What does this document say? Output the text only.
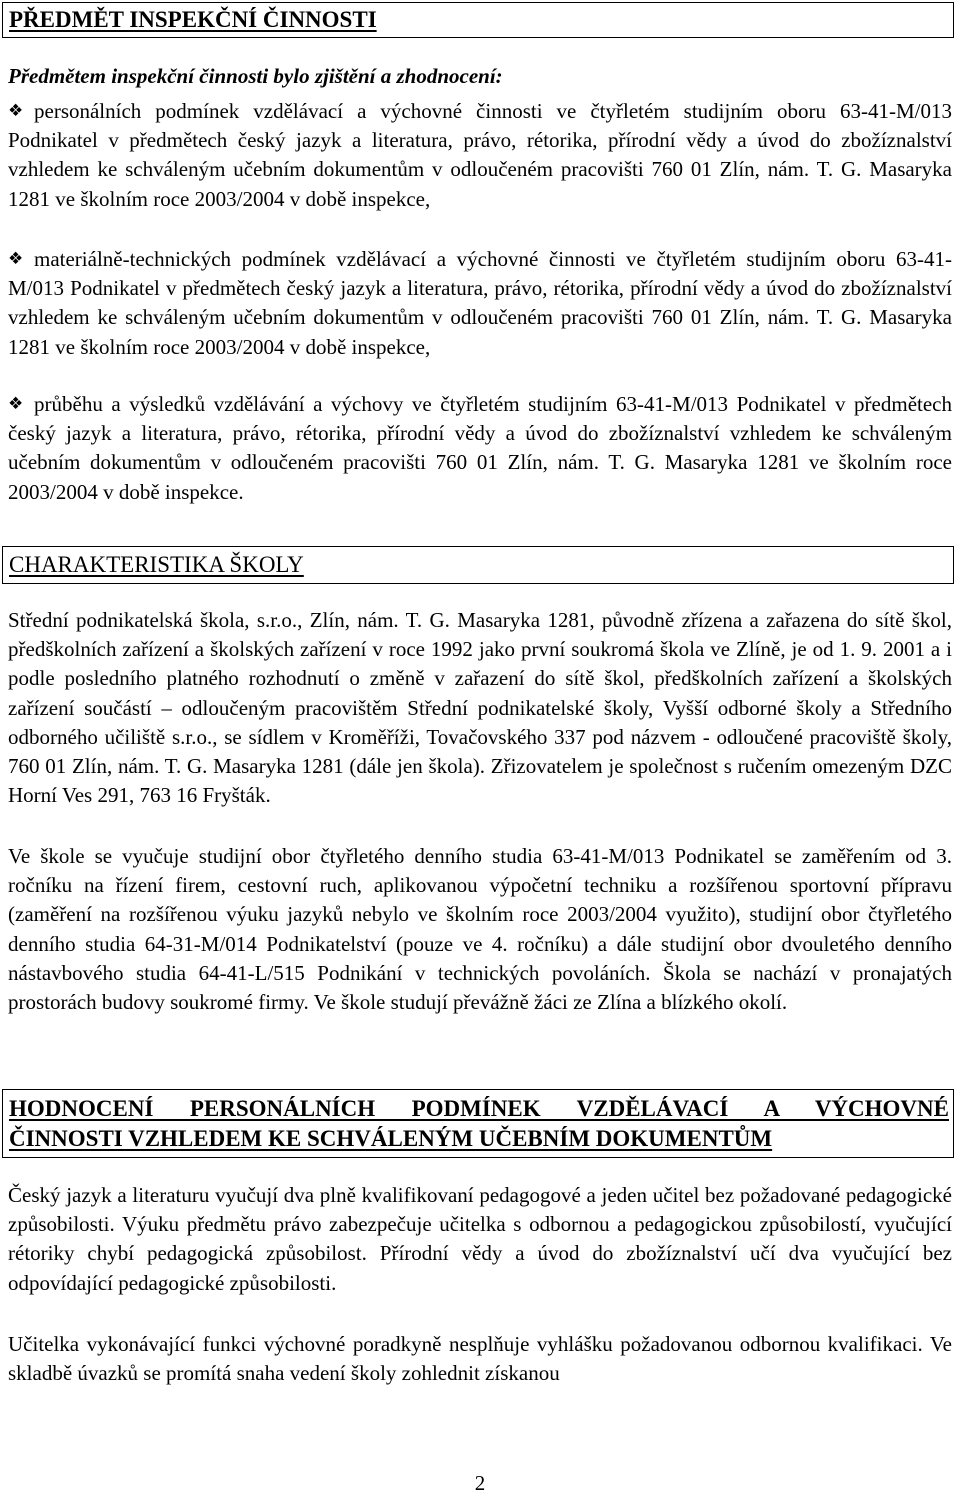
PŘEDMĚT INSPEKČNÍ ČINNOSTI

Předmětem inspekční činnosti bylo zjištění a zhodnocení:

❖ personálních podmínek vzdělávací a výchovné činnosti ve čtyřletém studijním oboru 63-41-M/013 Podnikatel v předmětech český jazyk a literatura, právo, rétorika, přírodní vědy a úvod do zbožíznalství vzhledem ke schváleným učebním dokumentům v odloučeném pracovišti 760 01 Zlín, nám. T. G. Masaryka 1281 ve školním roce 2003/2004 v době inspekce,
❖ materiálně-technických podmínek vzdělávací a výchovné činnosti ve čtyřletém studijním oboru 63-41-M/013 Podnikatel v předmětech český jazyk a literatura, právo, rétorika, přírodní vědy a úvod do zbožíznalství vzhledem ke schváleným učebním dokumentům v odloučeném pracovišti 760 01 Zlín, nám. T. G. Masaryka 1281 ve školním roce 2003/2004 v době inspekce,
❖ průběhu a výsledků vzdělávání a výchovy ve čtyřletém studijním 63-41-M/013 Podnikatel v předmětech český jazyk a literatura, právo, rétorika, přírodní vědy a úvod do zbožíznalství vzhledem ke schváleným učebním dokumentům v odloučeném pracovišti 760 01 Zlín, nám. T. G. Masaryka 1281 ve školním roce 2003/2004 v době inspekce.
CHARAKTERISTIKA ŠKOLY

Střední podnikatelská škola, s.r.o., Zlín, nám. T. G. Masaryka 1281, původně zřízena a zařazena do sítě škol, předškolních zařízení a školských zařízení v roce 1992 jako první soukromá škola ve Zlíně, je od 1. 9. 2001 a i podle posledního platného rozhodnutí o změně v zařazení do sítě škol, předškolních zařízení a školských zařízení součástí – odloučeným pracovištěm Střední podnikatelské školy, Vyšší odborné školy a Středního odborného učiliště s.r.o., se sídlem v Kroměříži, Tovačovského 337 pod názvem - odloučené pracoviště školy, 760 01 Zlín, nám. T. G. Masaryka 1281 (dále jen škola). Zřizovatelem je společnost s ručením omezeným DZC Horní Ves 291, 763 16 Fryšták.

Ve škole se vyučuje studijní obor čtyřletého denního studia 63-41-M/013 Podnikatel se zaměřením od 3. ročníku na řízení firem, cestovní ruch, aplikovanou výpočetní techniku a rozšířenou sportovní přípravu (zaměření na rozšířenou výuku jazyků nebylo ve školním roce 2003/2004 využito), studijní obor čtyřletého denního studia 64-31-M/014 Podnikatelství (pouze ve 4. ročníku) a dále studijní obor dvouletého denního nástavbového studia 64-41-L/515 Podnikání v technických povoláních. Škola se nachází v pronajatých prostorách budovy soukromé firmy. Ve škole studují převážně žáci ze Zlína a blízkého okolí.

HODNOCENÍ PERSONÁLNÍCH PODMÍNEK VZDĚLÁVACÍ A VÝCHOVNÉ
ČINNOSTI VZHLEDEM KE SCHVÁLENÝM UČEBNÍM DOKUMENTŮM

Český jazyk a literaturu vyučují dva plně kvalifikovaní pedagogové a jeden učitel bez požadované pedagogické způsobilosti. Výuku předmětu právo zabezpečuje učitelka s odbornou a pedagogickou způsobilostí, vyučující rétoriky chybí pedagogická způsobilost. Přírodní vědy a úvod do zbožíznalství učí dva vyučující bez odpovídající pedagogické způsobilosti.

Učitelka vykonávající funkci výchovné poradkyně nesplňuje vyhlášku požadovanou odbornou kvalifikaci. Ve skladbě úvazků se promítá snaha vedení školy zohlednit získanou

2
